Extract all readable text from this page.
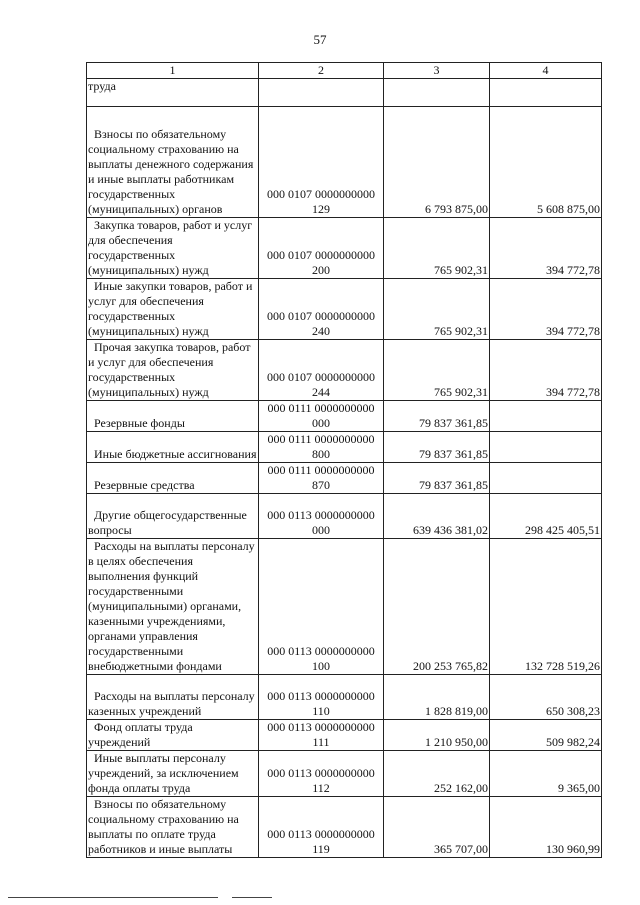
57
1	2	3	4

труда			

Взносы по обязательному социальному страхованию на выплаты денежного содержания и иные выплаты работникам государственных (муниципальных) органов	000 0107 0000000000 129	6 793 875,00	5 608 875,00

Закупка товаров, работ и услуг для обеспечения государственных (муниципальных) нужд	000 0107 0000000000 200	765 902,31	394 772,78

Иные закупки товаров, работ и услуг для обеспечения государственных (муниципальных) нужд	000 0107 0000000000 240	765 902,31	394 772,78

Прочая закупка товаров, работ и услуг для обеспечения государственных (муниципальных) нужд	000 0107 0000000000 244	765 902,31	394 772,78

Резервные фонды	000 0111 0000000000 000	79 837 361,85	

Иные бюджетные ассигнования	000 0111 0000000000 800	79 837 361,85	

Резервные средства	000 0111 0000000000 870	79 837 361,85	

Другие общегосударственные вопросы	000 0113 0000000000 000	639 436 381,02	298 425 405,51

Расходы на выплаты персоналу в целях обеспечения выполнения функций государственными (муниципальными) органами, казенными учреждениями, органами управления государственными внебюджетными фондами	000 0113 0000000000 100	200 253 765,82	132 728 519,26

Расходы на выплаты персоналу казенных учреждений	000 0113 0000000000 110	1 828 819,00	650 308,23

Фонд оплаты труда учреждений	000 0113 0000000000 111	1 210 950,00	509 982,24

Иные выплаты персоналу учреждений, за исключением фонда оплаты труда	000 0113 0000000000 112	252 162,00	9 365,00

Взносы по обязательному социальному страхованию на выплаты по оплате труда работников и иные выплаты	000 0113 0000000000 119	365 707,00	130 960,99
